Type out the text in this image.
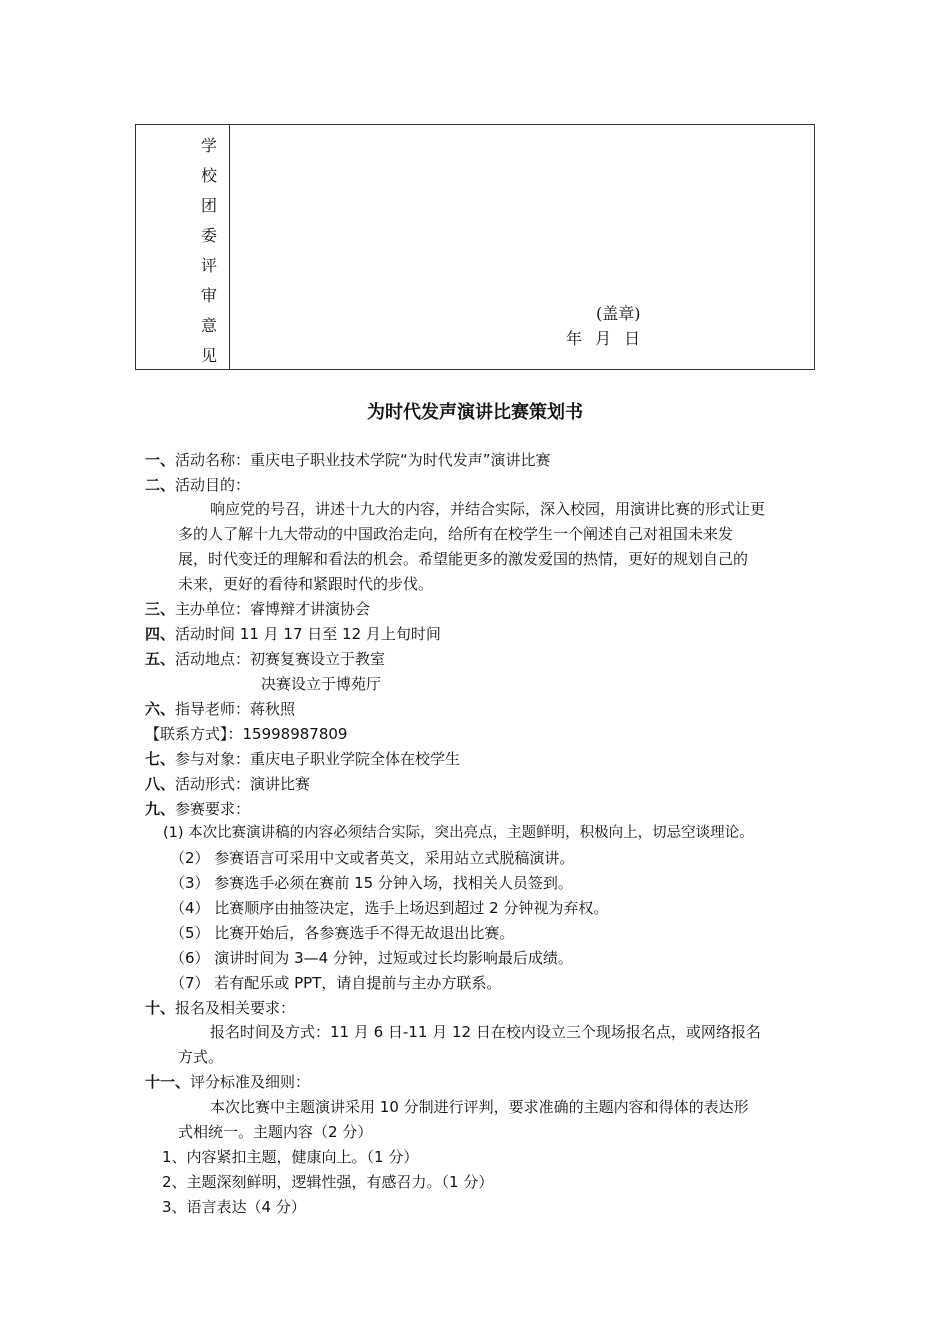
学
校
团
委
评
审
意
见
(盖章)
年 月 日
为时代发声演讲比赛策划书
一、活动名称：重庆电子职业技术学院“为时代发声”演讲比赛
二、活动目的：
响应党的号召，讲述十九大的内容，并结合实际，深入校园，用演讲比赛的形式让更
多的人了解十九大带动的中国政治走向，给所有在校学生一个阐述自己对祖国未来发
展，时代变迁的理解和看法的机会。希望能更多的激发爱国的热情，更好的规划自己的
未来，更好的看待和紧跟时代的步伐。
三、主办单位：睿博辩才讲演协会
四、活动时间 11 月 17 日至 12 月上旬时间
五、活动地点：初赛复赛设立于教室
决赛设立于博苑厅
六、指导老师：蒋秋照
【联系方式】：15998987809
七、参与对象：重庆电子职业学院全体在校学生
八、活动形式：演讲比赛
九、参赛要求：
(1) 本次比赛演讲稿的内容必须结合实际，突出亮点，主题鲜明，积极向上，切忌空谈理论。
（2） 参赛语言可采用中文或者英文，采用站立式脱稿演讲。
（3） 参赛选手必须在赛前 15 分钟入场，找相关人员签到。
（4） 比赛顺序由抽签决定，选手上场迟到超过 2 分钟视为弃权。
（5） 比赛开始后，各参赛选手不得无故退出比赛。
（6） 演讲时间为 3—4 分钟，过短或过长均影响最后成绩。
（7） 若有配乐或 PPT，请自提前与主办方联系。
十、报名及相关要求：
报名时间及方式：11 月 6 日-11 月 12 日在校内设立三个现场报名点，或网络报名
方式。
十一、评分标准及细则：
本次比赛中主题演讲采用 10 分制进行评判，要求准确的主题内容和得体的表达形
式相统一。主题内容（2 分）
1、内容紧扣主题，健康向上。（1 分）
2、主题深刻鲜明，逻辑性强，有感召力。（1 分）
3、语言表达（4 分）
